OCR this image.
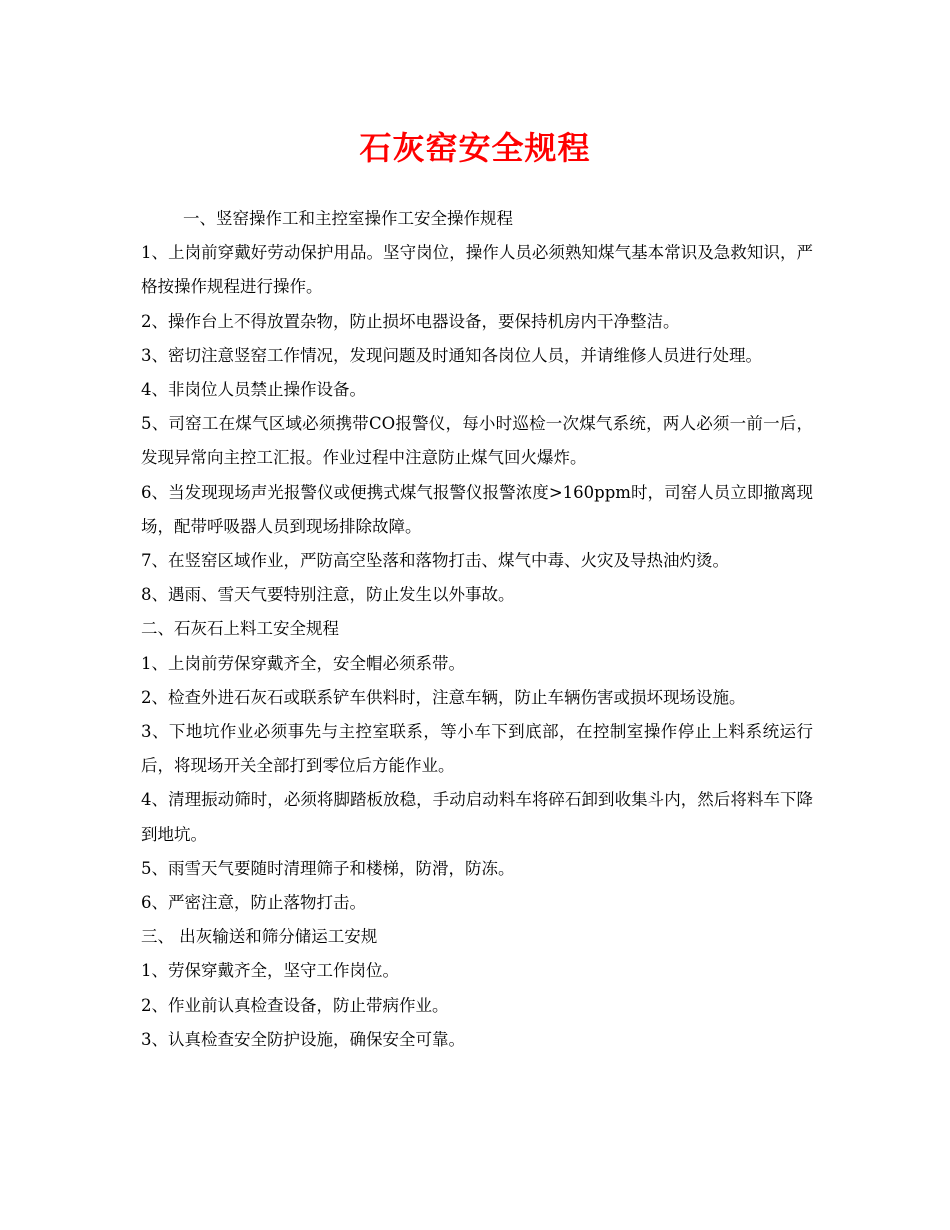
石灰窑安全规程

一、竖窑操作工和主控室操作工安全操作规程

1、上岗前穿戴好劳动保护用品。坚守岗位，操作人员必须熟知煤气基本常识及急救知识，严格按操作规程进行操作。

2、操作台上不得放置杂物，防止损坏电器设备，要保持机房内干净整洁。

3、密切注意竖窑工作情况，发现问题及时通知各岗位人员，并请维修人员进行处理。

4、非岗位人员禁止操作设备。

5、司窑工在煤气区域必须携带CO报警仪，每小时巡检一次煤气系统，两人必须一前一后，发现异常向主控工汇报。作业过程中注意防止煤气回火爆炸。

6、当发现现场声光报警仪或便携式煤气报警仪报警浓度>160ppm时，司窑人员立即撤离现场，配带呼吸器人员到现场排除故障。

7、在竖窑区域作业，严防高空坠落和落物打击、煤气中毒、火灾及导热油灼烫。

8、遇雨、雪天气要特别注意，防止发生以外事故。

二、石灰石上料工安全规程

1、上岗前劳保穿戴齐全，安全帽必须系带。

2、检查外进石灰石或联系铲车供料时，注意车辆，防止车辆伤害或损坏现场设施。

3、下地坑作业必须事先与主控室联系，等小车下到底部，在控制室操作停止上料系统运行后，将现场开关全部打到零位后方能作业。

4、清理振动筛时，必须将脚踏板放稳，手动启动料车将碎石卸到收集斗内，然后将料车下降到地坑。

5、雨雪天气要随时清理筛子和楼梯，防滑，防冻。

6、严密注意，防止落物打击。

三、 出灰输送和筛分储运工安规

1、劳保穿戴齐全，坚守工作岗位。

2、作业前认真检查设备，防止带病作业。

3、认真检查安全防护设施，确保安全可靠。
